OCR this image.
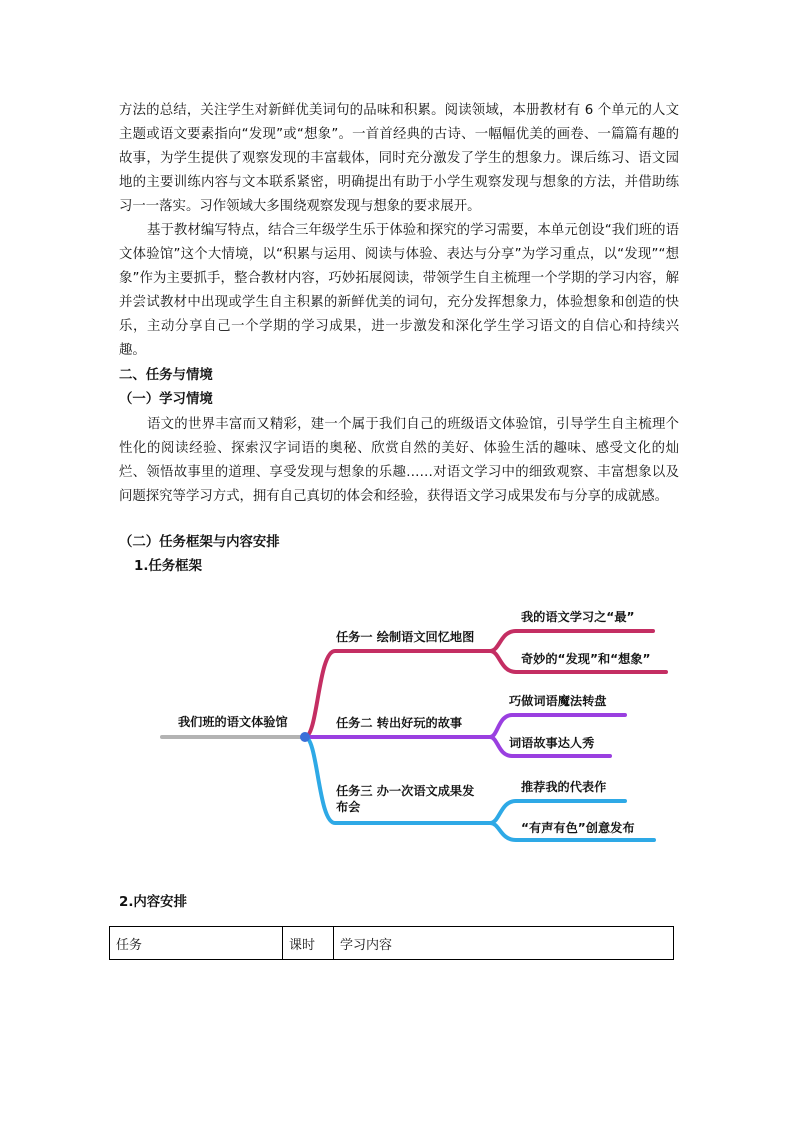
方法的总结，关注学生对新鲜优美词句的品味和积累。阅读领域，本册教材有 6 个单元的人文主题或语文要素指向“发现”或“想象”。一首首经典的古诗、一幅幅优美的画卷、一篇篇有趣的故事，为学生提供了观察发现的丰富载体，同时充分激发了学生的想象力。课后练习、语文园地的主要训练内容与文本联系紧密，明确提出有助于小学生观察发现与想象的方法，并借助练习一一落实。习作领域大多围绕观察发现与想象的要求展开。

基于教材编写特点，结合三年级学生乐于体验和探究的学习需要，本单元创设“我们班的语文体验馆”这个大情境，以“积累与运用、阅读与体验、表达与分享”为学习重点，以“发现”“想象”作为主要抓手，整合教材内容，巧妙拓展阅读，带领学生自主梳理一个学期的学习内容，解并尝试教材中出现或学生自主积累的新鲜优美的词句，充分发挥想象力，体验想象和创造的快乐，主动分享自己一个学期的学习成果，进一步激发和深化学生学习语文的自信心和持续兴趣。

二、任务与情境
（一）学习情境

语文的世界丰富而又精彩，建一个属于我们自己的班级语文体验馆，引导学生自主梳理个性化的阅读经验、探索汉字词语的奥秘、欣赏自然的美好、体验生活的趣味、感受文化的灿烂、领悟故事里的道理、享受发现与想象的乐趣……对语文学习中的细致观察、丰富想象以及问题探究等学习方式，拥有自己真切的体会和经验，获得语文学习成果发布与分享的成就感。

（二）任务框架与内容安排
1.任务框架
我们班的语文体验馆
任务一 绘制语文回忆地图
任务二 转出好玩的故事
任务三 办一次语文成果发
布会
我的语文学习之“最”
奇妙的“发现”和“想象”
巧做词语魔法转盘
词语故事达人秀
推荐我的代表作
“有声有色”创意发布
2.内容安排
任务	课时	学习内容
